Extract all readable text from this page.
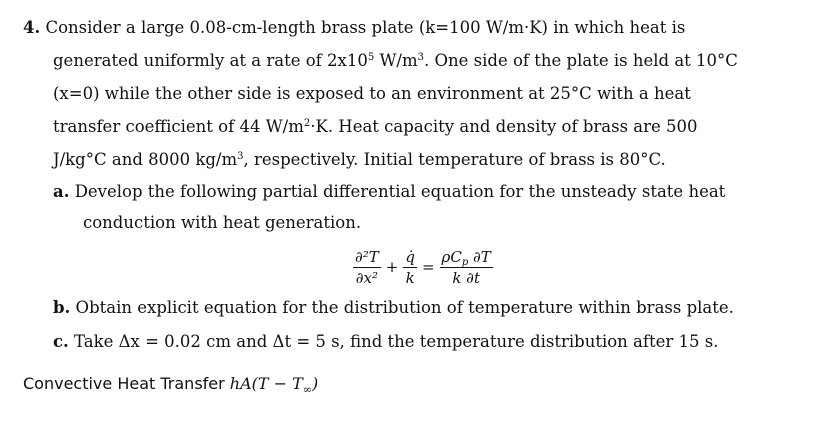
4. Consider a large 0.08-cm-length brass plate (k=100 W/m·K) in which heat is
generated uniformly at a rate of $2x10^5$ $W/m^3$. One side of the plate is held at 10°C
(x=0) while the other side is exposed to an environment at 25°C with a heat
transfer coefficient of 44 $W/m^2\cdot K$. Heat capacity and density of brass are 500
J/kg°C and 8000 $kg/m^3$, respectively. Initial temperature of brass is 80°C.
a. Develop the following partial differential equation for the unsteady state heat
conduction with heat generation.
$\frac{\text{∂²T}}{\text{∂x²}} + \frac{q̇}{k} = \frac{\rho C_p \partial T}{k \partial t}$
b. Obtain explicit equation for the distribution of temperature within brass plate.
c. Take Δx = 0.02 cm and Δt = 5 s, find the temperature distribution after 15 s.
Convective Heat Transfer $hA(T - T_\infty)$
